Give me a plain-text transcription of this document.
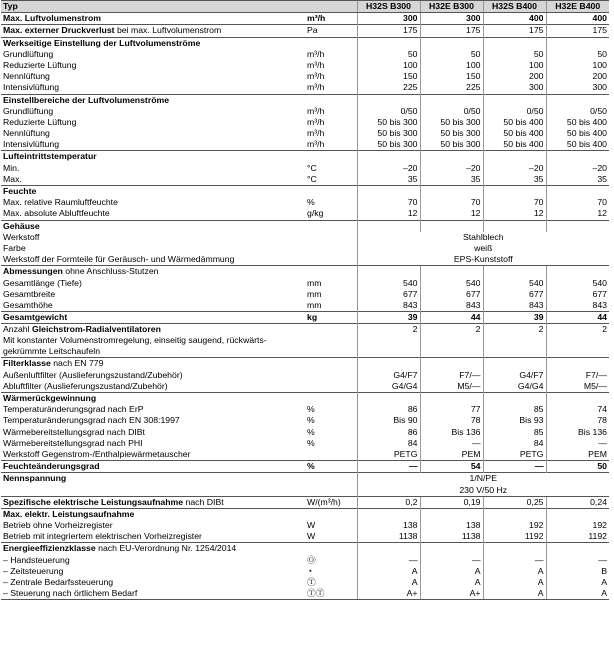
Typ		H32S B300	H32E B300	H32S B400	H32E B400
Max. Luftvolumenstrom	m³/h	300	300	400	400
Max. externer Druckverlust bei max. Luftvolumenstrom	Pa	175	175	175	175
Werkseitige Einstellung der Luftvolumenströme					
Grundlüftung	m³/h	50	50	50	50
Reduzierte Lüftung	m³/h	100	100	100	100
Nennlüftung	m³/h	150	150	200	200
Intensivlüftung	m³/h	225	225	300	300
Einstellbereiche der Luftvolumenströme					
Grundlüftung	m³/h	0/50	0/50	0/50	0/50
Reduzierte Lüftung	m³/h	50 bis 300	50 bis 300	50 bis 400	50 bis 400
Nennlüftung	m³/h	50 bis 300	50 bis 300	50 bis 400	50 bis 400
Intensivlüftung	m³/h	50 bis 300	50 bis 300	50 bis 400	50 bis 400
Lufteintrittstemperatur					
Min.	°C	–20	–20	–20	–20
Max.	°C	35	35	35	35
Feuchte					
Max. relative Raumluftfeuchte	%	70	70	70	70
Max. absolute Abluftfeuchte	g/kg	12	12	12	12
Gehäuse					
Werkstoff		Stahlblech			
Farbe		weiß			
Werkstoff der Formteile für Geräusch- und Wärmedämmung		EPS-Kunststoff			
Abmessungen ohne Anschluss-Stutzen					
Gesamtlänge (Tiefe)	mm	540	540	540	540
Gesamtbreite	mm	677	677	677	677
Gesamthöhe	mm	843	843	843	843
Gesamtgewicht	kg	39	44	39	44
Anzahl Gleichstrom-Radialventilatoren		2	2	2	2
Mit konstanter Volumenstromregelung, einseitig saugend, rückwärts-gekrümmte Leitschaufeln					
Filterklasse nach EN 779					
Außenluftfilter (Auslieferungszustand/Zubehör)		G4/F7	F7/—	G4/F7	F7/—
Abluftfilter (Auslieferungszustand/Zubehör)		G4/G4	M5/—	G4/G4	M5/—
Wärmerückgewinnung					
Temperaturänderungsgrad nach ErP	%	86	77	85	74
Temperaturänderungsgrad nach EN 308:1997	%	Bis 90	78	Bis 93	78
Wärmebereitstellungsgrad nach DIBt	%	86	Bis 136	85	Bis 136
Wärmebereitstellungsgrad nach PHI	%	84	—	84	—
Werkstoff Gegenstrom-/Enthalpiewärmetauscher		PETG	PEM	PETG	PEM
Feuchteänderungsgrad	%	—	54	—	50
Nennspannung		1/N/PE			
		230 V/50 Hz			
Spezifische elektrische Leistungsaufnahme nach DIBt	W/(m³/h)	0,2	0,19	0,25	0,24
Max. elektr. Leistungsaufnahme					
Betrieb ohne Vorheizregister	W	138	138	192	192
Betrieb mit integriertem elektrischen Vorheizregister	W	1138	1138	1192	1192
Energieeffizienzklasse nach EU-Verordnung Nr. 1254/2014					
– Handsteuerung	Ⓞ	—	—	—	—
– Zeitsteuerung	◔	A	A	A	B
– Zentrale Bedarfssteuerung	Ⓣ	A	A	A	A
– Steuerung nach örtlichem Bedarf	ⓉⓉ	A+	A+	A	A
